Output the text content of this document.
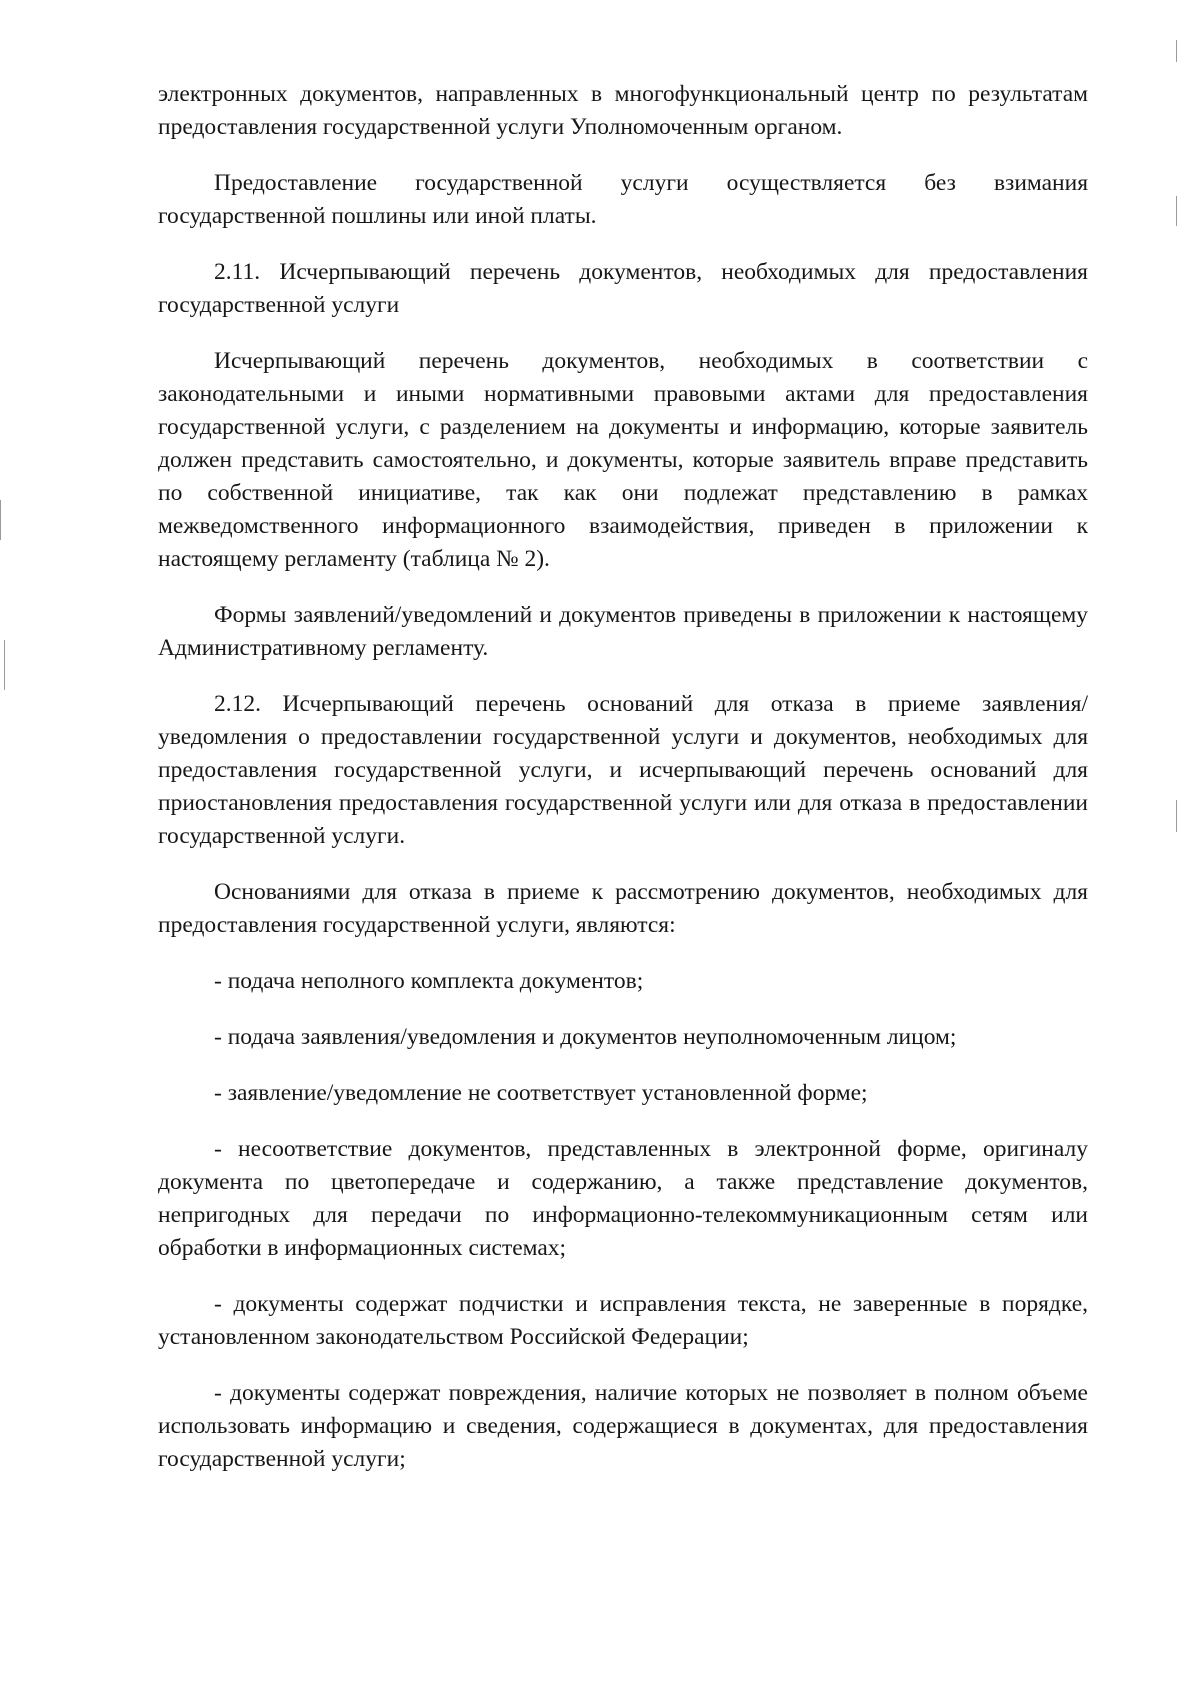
электронных документов, направленных в многофункциональный центр по результатам предоставления государственной услуги Уполномоченным органом.

Предоставление государственной услуги осуществляется без взимания государственной пошлины или иной платы.

2.11. Исчерпывающий перечень документов, необходимых для предоставления государственной услуги

Исчерпывающий перечень документов, необходимых в соответствии с законодательными и иными нормативными правовыми актами для предоставления государственной услуги, с разделением на документы и информацию, которые заявитель должен представить самостоятельно, и документы, которые заявитель вправе представить по собственной инициативе, так как они подлежат представлению в рамках межведомственного информационного взаимодействия, приведен в приложении к настоящему регламенту (таблица № 2).

Формы заявлений/уведомлений и документов приведены в приложении к настоящему Административному регламенту.

2.12. Исчерпывающий перечень оснований для отказа в приеме заявления/уведомления о предоставлении государственной услуги и документов, необходимых для предоставления государственной услуги, и исчерпывающий перечень оснований для приостановления предоставления государственной услуги или для отказа в предоставлении государственной услуги.

Основаниями для отказа в приеме к рассмотрению документов, необходимых для предоставления государственной услуги, являются:

- подача неполного комплекта документов;

- подача заявления/уведомления и документов неуполномоченным лицом;

- заявление/уведомление не соответствует установленной форме;

- несоответствие документов, представленных в электронной форме, оригиналу документа по цветопередаче и содержанию, а также представление документов, непригодных для передачи по информационно-телекоммуникационным сетям или обработки в информационных системах;

- документы содержат подчистки и исправления текста, не заверенные в порядке, установленном законодательством Российской Федерации;

- документы содержат повреждения, наличие которых не позволяет в полном объеме использовать информацию и сведения, содержащиеся в документах, для предоставления государственной услуги;
